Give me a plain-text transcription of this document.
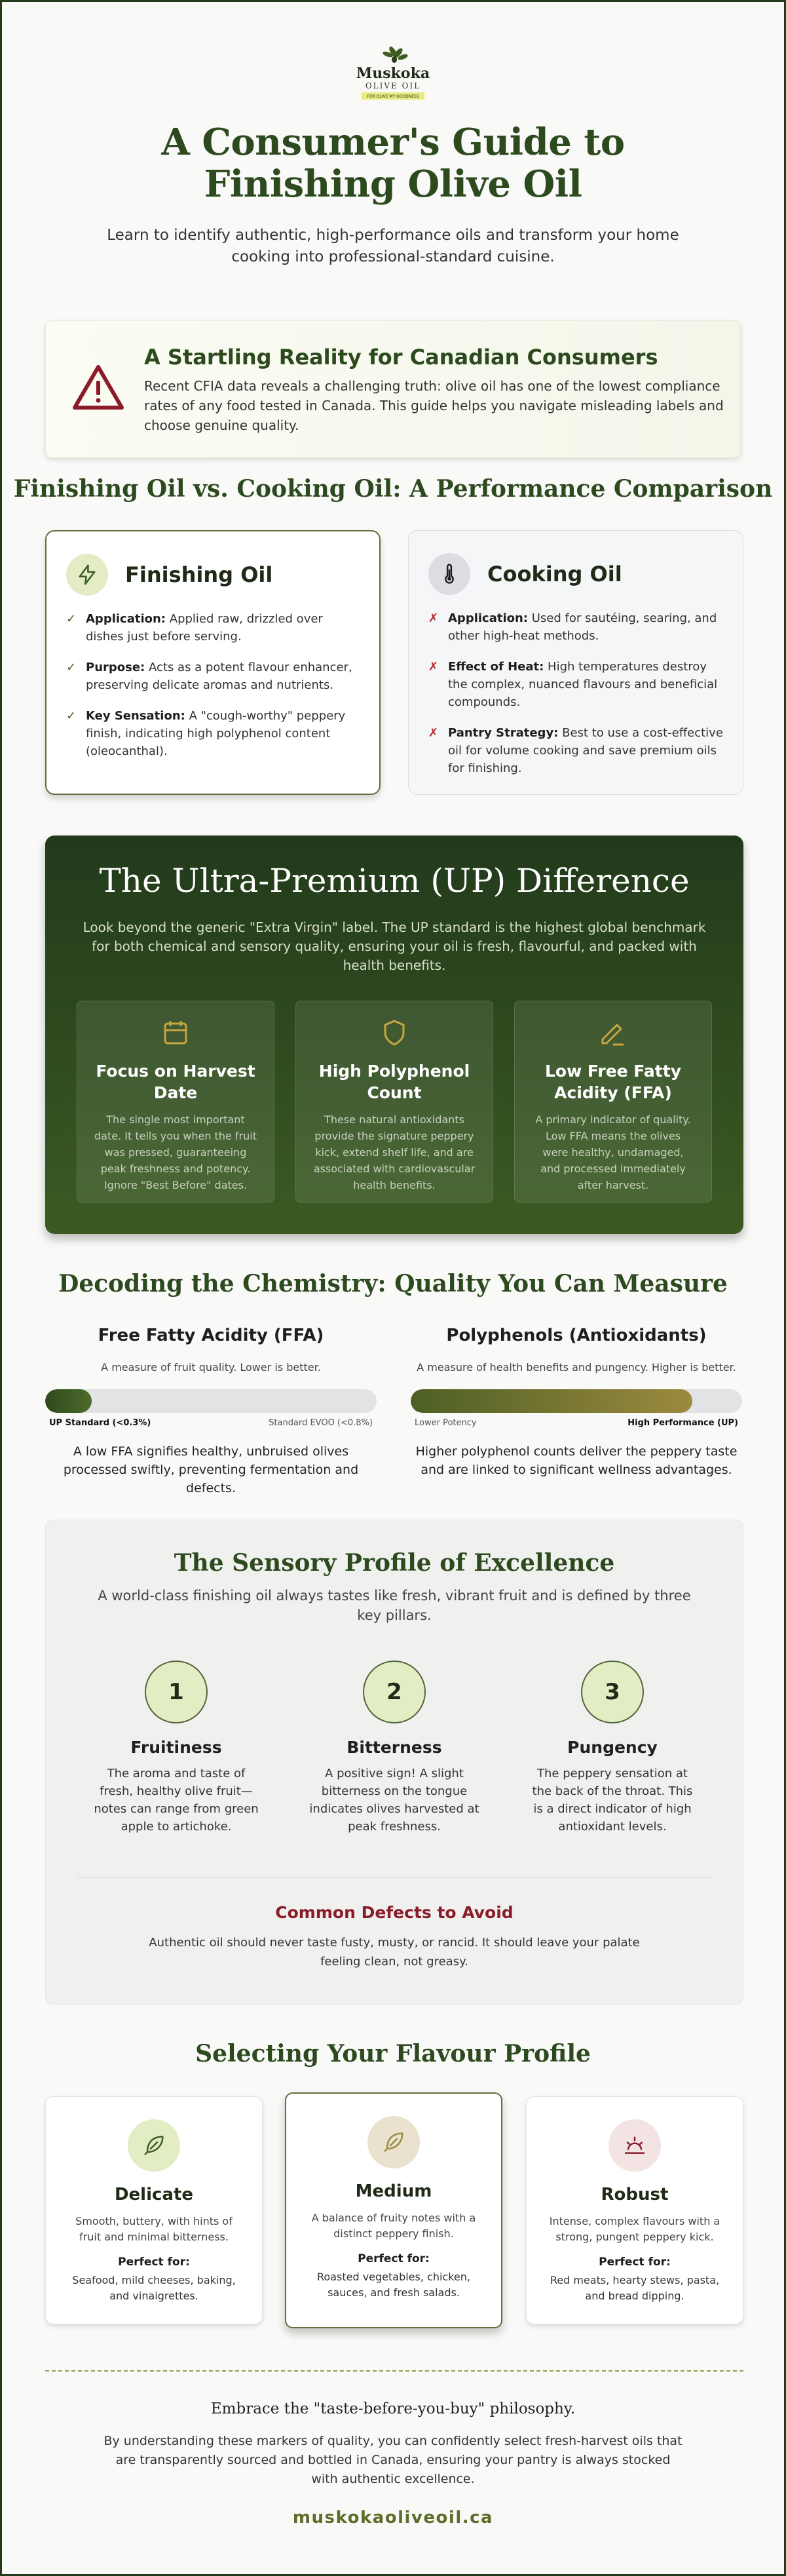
Muskoka
OLIVE OIL
FOR OLIVE MY GOODNESS
A Consumer's Guide to Finishing Olive Oil

Learn to identify authentic, high-performance oils and transform your home cooking into professional-standard cuisine.

A Startling Reality for Canadian Consumers

Recent CFIA data reveals a challenging truth: olive oil has one of the lowest compliance rates of any food tested in Canada. This guide helps you navigate misleading labels and choose genuine quality.

Finishing Oil vs. Cooking Oil: A Performance Comparison
Finishing Oil
✓ Application: Applied raw, drizzled over dishes just before serving.
✓ Purpose: Acts as a potent flavour enhancer, preserving delicate aromas and nutrients.
✓ Key Sensation: A "cough-worthy" peppery finish, indicating high polyphenol content (oleocanthal).
Cooking Oil
✗ Application: Used for sautéing, searing, and other high-heat methods.
✗ Effect of Heat: High temperatures destroy the complex, nuanced flavours and beneficial compounds.
✗ Pantry Strategy: Best to use a cost-effective oil for volume cooking and save premium oils for finishing.
The Ultra-Premium (UP) Difference

Look beyond the generic "Extra Virgin" label. The UP standard is the highest global benchmark for both chemical and sensory quality, ensuring your oil is fresh, flavourful, and packed with health benefits.

Focus on Harvest Date

The single most important date. It tells you when the fruit was pressed, guaranteeing peak freshness and potency. Ignore "Best Before" dates.

High Polyphenol Count

These natural antioxidants provide the signature peppery kick, extend shelf life, and are associated with cardiovascular health benefits.

Low Free Fatty Acidity (FFA)

A primary indicator of quality. Low FFA means the olives were healthy, undamaged, and processed immediately after harvest.

Decoding the Chemistry: Quality You Can Measure
Free Fatty Acidity (FFA)

A measure of fruit quality. Lower is better.

UP Standard (<0.3%)	Standard EVOO (<0.8%)

A low FFA signifies healthy, unbruised olives processed swiftly, preventing fermentation and defects.

Polyphenols (Antioxidants)

A measure of health benefits and pungency. Higher is better.

Lower Potency	High Performance (UP)

Higher polyphenol counts deliver the peppery taste and are linked to significant wellness advantages.

The Sensory Profile of Excellence

A world-class finishing oil always tastes like fresh, vibrant fruit and is defined by three key pillars.

1
Fruitiness

The aroma and taste of fresh, healthy olive fruit—notes can range from green apple to artichoke.

2
Bitterness

A positive sign! A slight bitterness on the tongue indicates olives harvested at peak freshness.

3
Pungency

The peppery sensation at the back of the throat. This is a direct indicator of high antioxidant levels.

Common Defects to Avoid

Authentic oil should never taste fusty, musty, or rancid. It should leave your palate feeling clean, not greasy.

Selecting Your Flavour Profile
Delicate

Smooth, buttery, with hints of fruit and minimal bitterness.

Perfect for:
Seafood, mild cheeses, baking, and vinaigrettes.
Medium

A balance of fruity notes with a distinct peppery finish.

Perfect for:
Roasted vegetables, chicken, sauces, and fresh salads.
Robust

Intense, complex flavours with a strong, pungent peppery kick.

Perfect for:
Red meats, hearty stews, pasta, and bread dipping.
Embrace the "taste-before-you-buy" philosophy.

By understanding these markers of quality, you can confidently select fresh-harvest oils that are transparently sourced and bottled in Canada, ensuring your pantry is always stocked with authentic excellence.

muskokaoliveoil.ca
